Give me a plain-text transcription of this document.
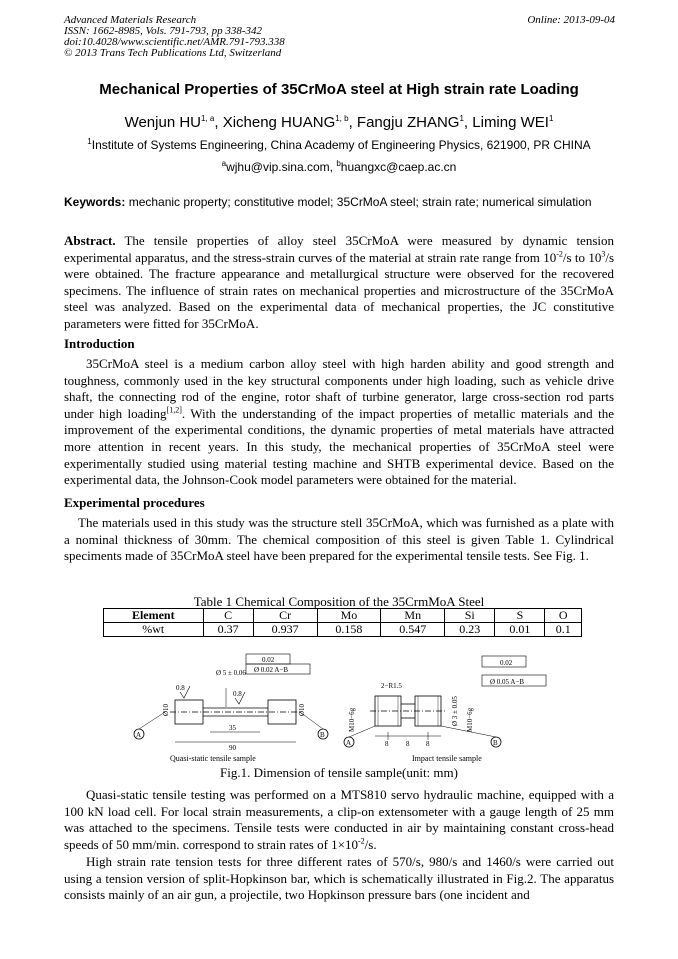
Advanced Materials Research
ISSN: 1662-8985, Vols. 791-793, pp 338-342
doi:10.4028/www.scientific.net/AMR.791-793.338
© 2013 Trans Tech Publications Ltd, Switzerland
Online: 2013-09-04
Mechanical Properties of 35CrMoA steel at High strain rate Loading
Wenjun HU$^{1, a}$, Xicheng HUANG$^{1, b}$, Fangju ZHANG$^1$, Liming WEI$^1$
$^1$Institute of Systems Engineering, China Academy of Engineering Physics, 621900, PR CHINA
$^a$wjhu@vip.sina.com, $^b$huangxc@caep.ac.cn
Keywords: mechanic property; constitutive model; 35CrMoA steel; strain rate; numerical simulation
Abstract. The tensile properties of alloy steel 35CrMoA were measured by dynamic tension experimental apparatus, and the stress-strain curves of the material at strain rate range from $10^{-2}/s$ to $10^3/s$ were obtained. The fracture appearance and metallurgical structure were observed for the recovered specimens. The influence of strain rates on mechanical properties and microstructure of the 35CrMoA steel was analyzed. Based on the experimental data of mechanical properties, the JC constitutive parameters were fitted for 35CrMoA.
Introduction
35CrMoA steel is a medium carbon alloy steel with high harden ability and good strength and toughness, commonly used in the key structural components under high loading, such as vehicle drive shaft, the connecting rod of the engine, rotor shaft of turbine generator, large cross-section rod parts under high loading[1,2]. With the understanding of the impact properties of metallic materials and the improvement of the experimental conditions, the dynamic properties of metal materials have attracted more attention in recent years. In this study, the mechanical properties of 35CrMoA steel were experimentally studied using material testing machine and SHTB experimental device. Based on the experimental data, the Johnson-Cook model parameters were obtained for the material.
Experimental procedures
The materials used in this study was the structure stell 35CrMoA, which was furnished as a plate with a nominal thickness of 30mm. The chemical composition of this steel is given Table 1. Cylindrical speciments made of 35CrMoA steel have been prepared for the experimental tensile tests. See Fig. 1.
Table 1 Chemical Composition of the 35CrmMoA Steel
Element	C	Cr	Mo	Mn	Si	S	O
%wt	0.37	0.937	0.158	0.547	0.23	0.01	0.1
Ø 5 ± 0.06
0.02
Ø 0.02 A−B
0.8
0.8
Ø10	Ø10
35
90
A	B
Quasi-static tensile sample
2−R1.5
M10−6g	M10−6g
Ø 3 ± 0.05
0.02
Ø 0.05 A−B
8	8 8
A	B
Impact tensile sample
Fig.1. Dimension of tensile sample(unit: mm)
Quasi-static tensile testing was performed on a MTS810 servo hydraulic machine, equipped with a 100 kN load cell. For local strain measurements, a clip-on extensometer with a gauge length of 25 mm was attached to the specimens. Tensile tests were conducted in air by maintaining constant cross-head speeds of 50 mm/min. correspond to strain rates of $1\times 10^{-2}/s$.
High strain rate tension tests for three different rates of 570/s, 980/s and 1460/s were carried out using a tension version of split-Hopkinson bar, which is schematically illustrated in Fig.2. The apparatus consists mainly of an air gun, a projectile, two Hopkinson pressure bars (one incident and
